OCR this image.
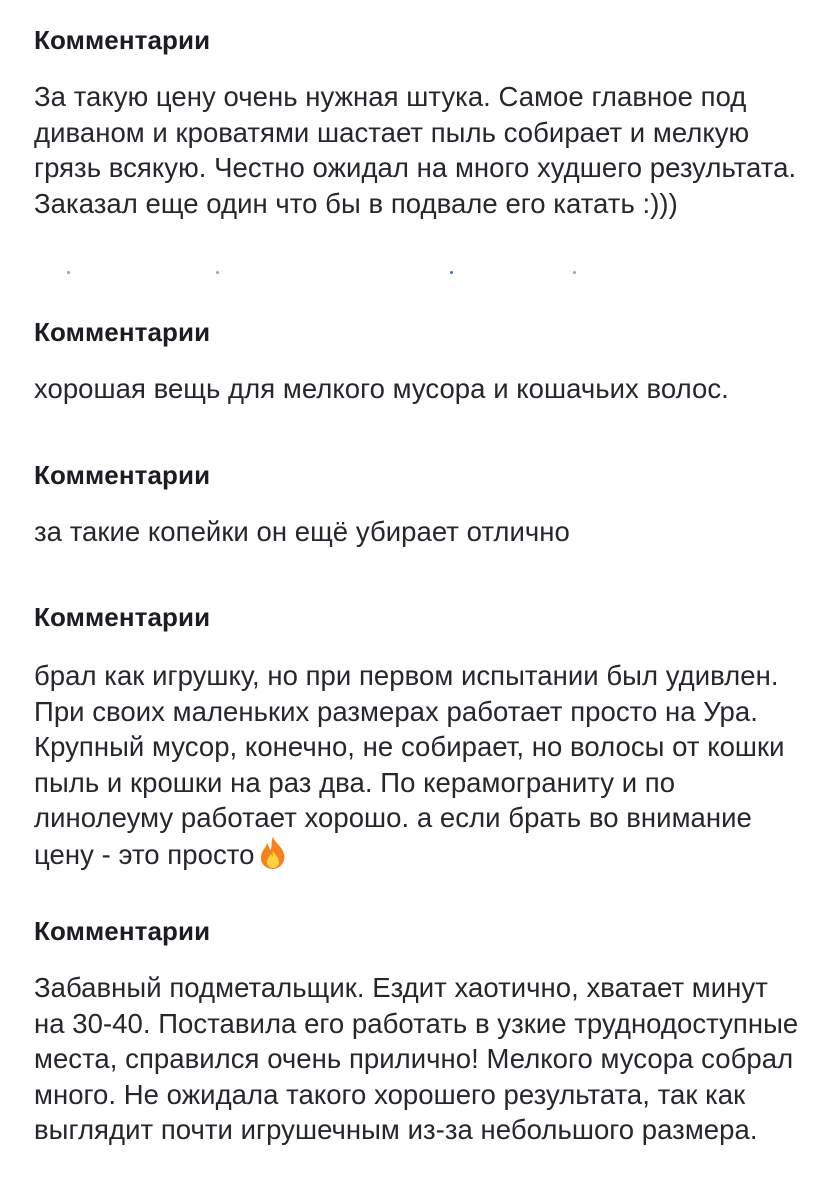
Комментарии

За такую цену очень нужная штука. Самое главное под диваном и кроватями шастает пыль собирает и мелкую грязь всякую. Честно ожидал на много худшего результата. Заказал еще один что бы в подвале его катать :)))

Комментарии

хорошая вещь для мелкого мусора и кошачьих волос.

Комментарии

за такие копейки он ещё убирает отлично

Комментарии

брал как игрушку, но при первом испытании был удивлен. При своих маленьких размерах работает просто на Ура. Крупный мусор, конечно, не собирает, но волосы от кошки пыль и крошки на раз два. По керамограниту и по линолеуму работает хорошо. а если брать во внимание цену - это просто

Комментарии

Забавный подметальщик. Ездит хаотично, хватает минут на 30-40. Поставила его работать в узкие труднодоступные места, справился очень прилично! Мелкого мусора собрал много. Не ожидала такого хорошего результата, так как выглядит почти игрушечным из-за небольшого размера.
